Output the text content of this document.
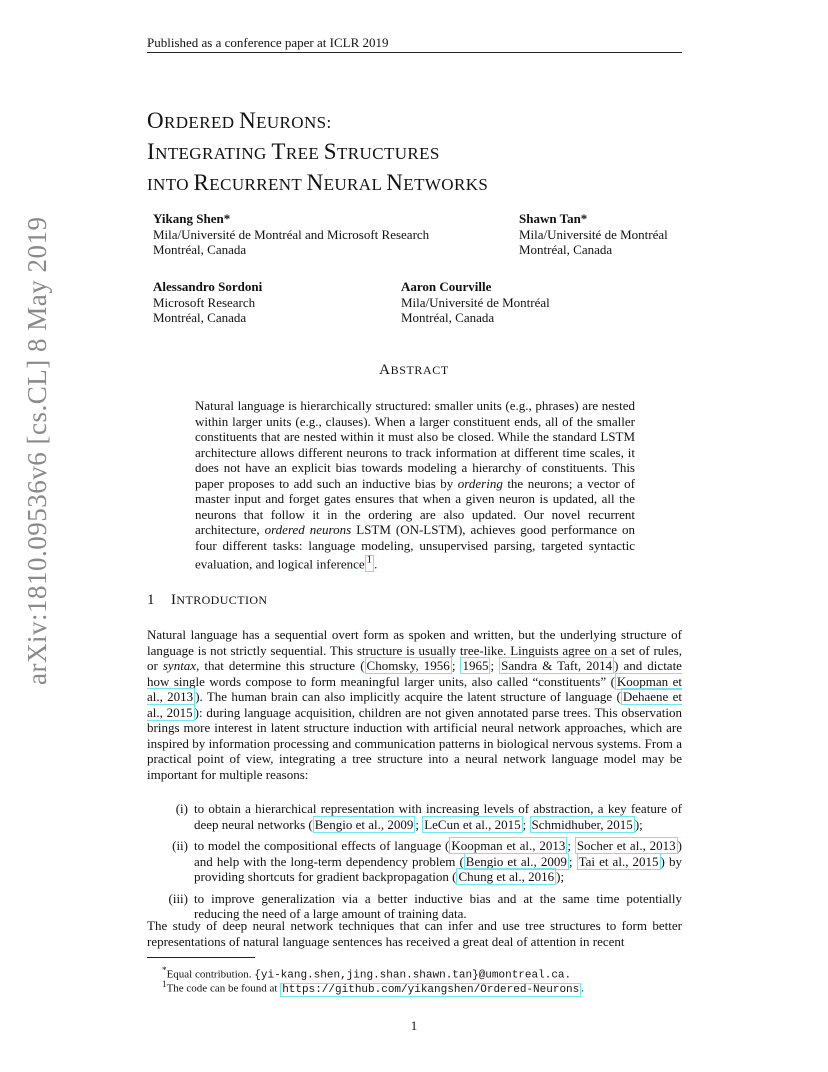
Published as a conference paper at ICLR 2019
arXiv:1810.09536v6 [cs.CL] 8 May 2019
ORDERED NEURONS:
INTEGRATING TREE STRUCTURES
INTO RECURRENT NEURAL NETWORKS
Yikang Shen*
Mila/Université de Montréal and Microsoft Research
Montréal, Canada
Shawn Tan*
Mila/Université de Montréal
Montréal, Canada
Alessandro Sordoni
Microsoft Research
Montréal, Canada
Aaron Courville
Mila/Université de Montréal
Montréal, Canada
ABSTRACT
Natural language is hierarchically structured: smaller units (e.g., phrases) are nested within larger units (e.g., clauses). When a larger constituent ends, all of the smaller constituents that are nested within it must also be closed. While the standard LSTM architecture allows different neurons to track information at different time scales, it does not have an explicit bias towards modeling a hierarchy of constituents. This paper proposes to add such an inductive bias by ordering the neurons; a vector of master input and forget gates ensures that when a given neuron is updated, all the neurons that follow it in the ordering are also updated. Our novel recurrent architecture, ordered neurons LSTM (ON-LSTM), achieves good performance on four different tasks: language modeling, unsupervised parsing, targeted syntactic evaluation, and logical inference $^1$ .
1 INTRODUCTION
Natural language has a sequential overt form as spoken and written, but the underlying structure of language is not strictly sequential. This structure is usually tree-like. Linguists agree on a set of rules, or syntax, that determine this structure ( Chomsky, 1956 ; 1965 ; Sandra & Taft, 2014 ) and dictate how single words compose to form meaningful larger units, also called “constituents” ( Koopman et al., 2013 ). The human brain can also implicitly acquire the latent structure of language ( Dehaene et al., 2015 ): during language acquisition, children are not given annotated parse trees. This observation brings more interest in latent structure induction with artificial neural network approaches, which are inspired by information processing and communication patterns in biological nervous systems. From a practical point of view, integrating a tree structure into a neural network language model may be important for multiple reasons:
(i) to obtain a hierarchical representation with increasing levels of abstraction, a key feature of deep neural networks ( Bengio et al., 2009 ; LeCun et al., 2015 ; Schmidhuber, 2015 );
(ii) to model the compositional effects of language ( Koopman et al., 2013 ; Socher et al., 2013 ) and help with the long-term dependency problem ( Bengio et al., 2009 ; Tai et al., 2015 ) by providing shortcuts for gradient backpropagation ( Chung et al., 2016 );
(iii) to improve generalization via a better inductive bias and at the same time potentially reducing the need of a large amount of training data.
The study of deep neural network techniques that can infer and use tree structures to form better representations of natural language sentences has received a great deal of attention in recent
*Equal contribution. {yi-kang.shen,jing.shan.shawn.tan}@umontreal.ca.
$^1$The code can be found at https://github.com/yikangshen/Ordered-Neurons .
1
